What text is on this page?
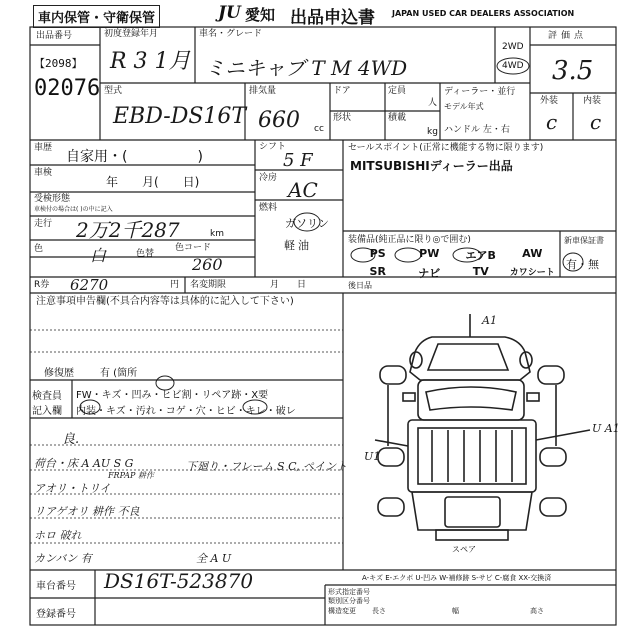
車内保管・守衛保管	JU 愛知 出品申込書 JAPAN USED CAR DEALERS ASSOCIATION
出品番号
【2098】
02076
初度登録年月
R 3 1月
車名・グレード
ミニキャブ T M 4WD
2WD
4WD
評価点
3.5
外装	内装
c c
型式
EBD-DS16T
排気量
660 cc
ドア	定員
人
形状	積載
kg
ディーラー・並行
モデル年式
ハンドル 左・右
車歴
自家用・(　　　　　)
車検
年　　月(　　日)
受検形態
車検付の場合は( )の中に記入
走行 2万2千287	km
色	白	色替
色コード
260
シフト
5 F
冷房 AC
燃料
ガソリン
軽油
セールスポイント(正常に機能する物に限ります)
MITSUBISHIディーラー出品
装備品(純正品に限り◎で囲む)	新車保証書
有・無
PS	PW	エアB	AW
SR	ナビ	TV	カワシート
後日品
R券 6270	円 名変期限	月　　日
注意事項申告欄(不具合内容等は具体的に記入して下さい)
修復歴	有 (箇所
検査員
記入欄
FW・キズ・凹み・ヒビ割・リペア跡・X要
内装・キズ・汚れ・コゲ・穴・ヒビ・キレ・破レ
良.
荷台・床 A AU S G
FRPAP 耕作
アオリ・トリイ
リアゲオリ 耕作 不良
ホロ 破れ
カンバン 有
下廻り・フレーム S C, ペイント
全 A U
A1
U A1
U1
スペア
A-キズ E-エクボ U-凹み W-補修跡 S-サビ C-腐食 XX-交換済
車台番号 DS16T-523870
登録番号
形式指定番号
類別区分番号
構造変更 長さ	幅	高さ
